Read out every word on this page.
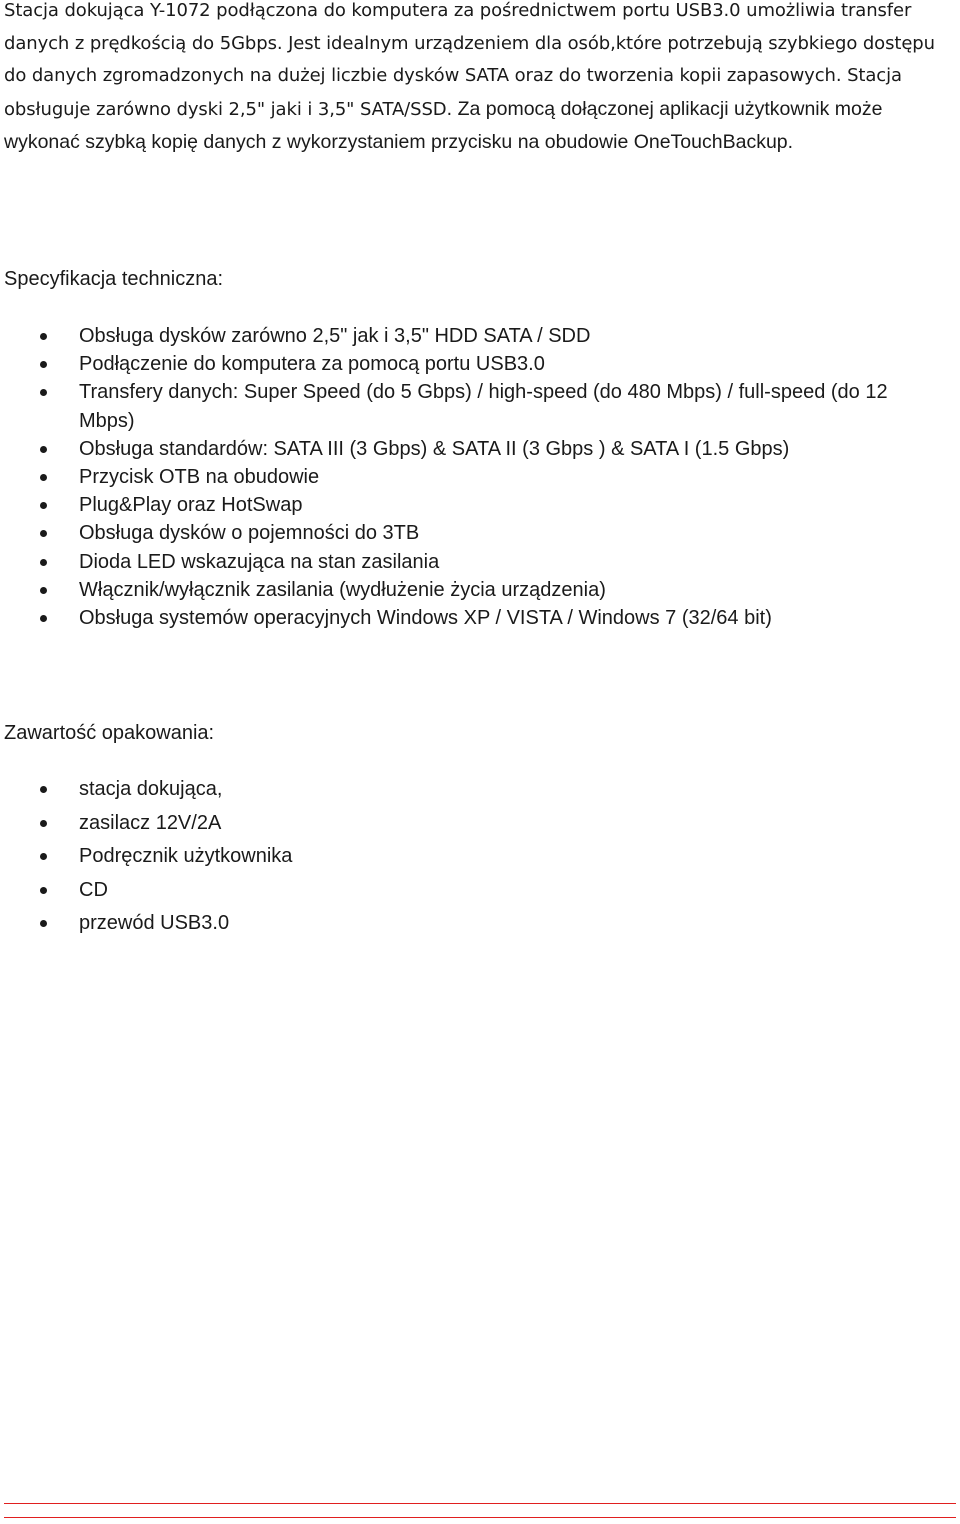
Stacja dokująca Y-1072 podłączona do komputera za pośrednictwem portu USB3.0 umożliwia transfer danych z prędkością do 5Gbps. Jest idealnym urządzeniem dla osób,które potrzebują szybkiego dostępu do danych zgromadzonych na dużej liczbie dysków SATA oraz do tworzenia kopii zapasowych. Stacja obsługuje zarówno dyski 2,5" jaki i 3,5" SATA/SSD. Za pomocą dołączonej aplikacji użytkownik może wykonać szybką kopię danych z wykorzystaniem przycisku na obudowie OneTouchBackup.

Specyfikacja techniczna:
Obsługa dysków zarówno 2,5" jak i 3,5" HDD SATA / SDD
Podłączenie do komputera za pomocą portu USB3.0
Transfery danych: Super Speed (do 5 Gbps) / high-speed (do 480 Mbps) / full-speed (do 12 Mbps)
Obsługa standardów: SATA III (3 Gbps) & SATA II (3 Gbps ) & SATA I (1.5 Gbps)
Przycisk OTB na obudowie
Plug&Play oraz HotSwap
Obsługa dysków o pojemności do 3TB
Dioda LED wskazująca na stan zasilania
Włącznik/wyłącznik zasilania (wydłużenie życia urządzenia)
Obsługa systemów operacyjnych Windows XP / VISTA / Windows 7 (32/64 bit)
Zawartość opakowania:
stacja dokująca,
zasilacz 12V/2A
Podręcznik użytkownika
CD
przewód USB3.0
